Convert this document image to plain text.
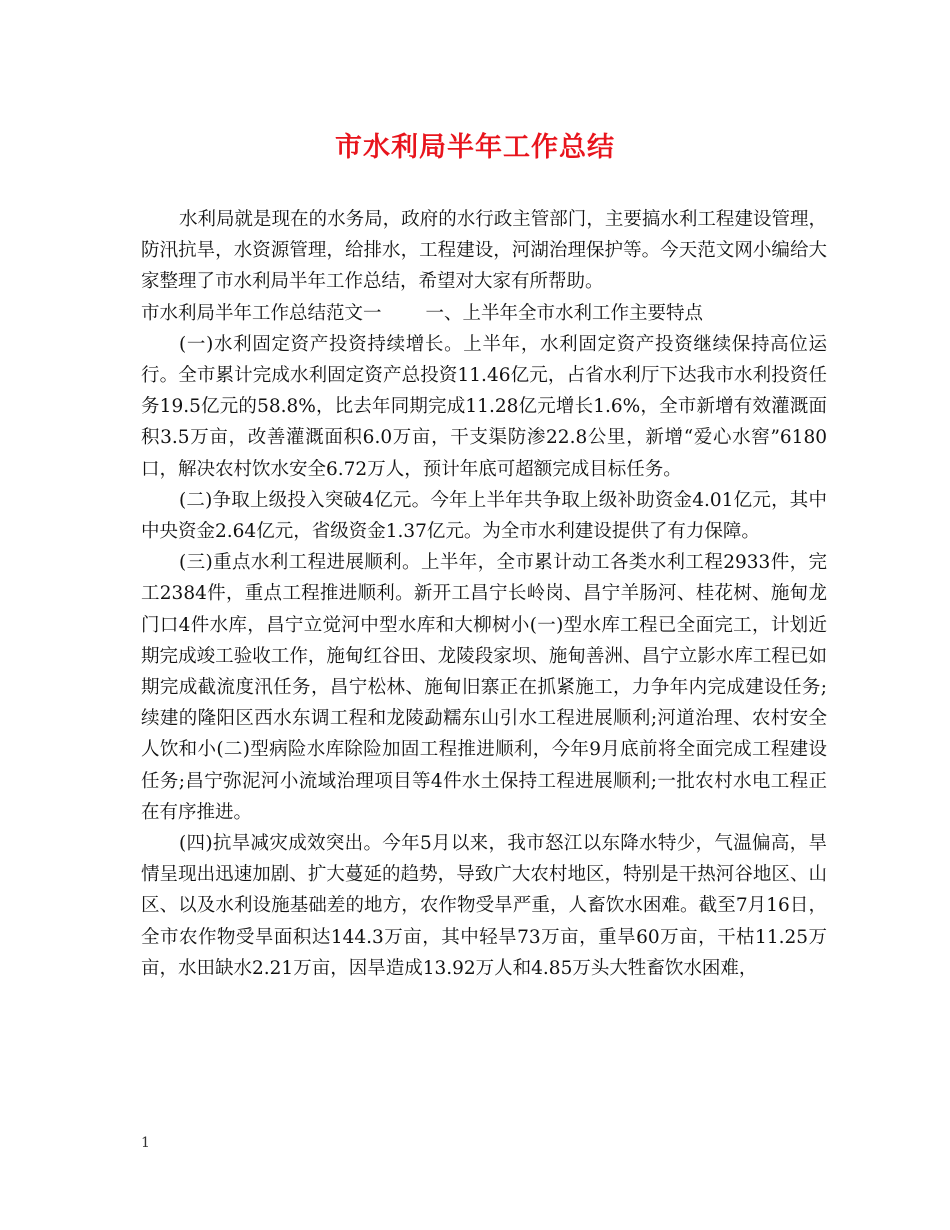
市水利局半年工作总结

水利局就是现在的水务局，政府的水行政主管部门，主要搞水利工程建设管理，防汛抗旱，水资源管理，给排水，工程建设，河湖治理保护等。今天范文网小编给大家整理了市水利局半年工作总结，希望对大家有所帮助。

市水利局半年工作总结范文一 一、上半年全市水利工作主要特点

(一)水利固定资产投资持续增长。上半年，水利固定资产投资继续保持高位运行。全市累计完成水利固定资产总投资11.46亿元，占省水利厅下达我市水利投资任务19.5亿元的58.8%，比去年同期完成11.28亿元增长1.6%，全市新增有效灌溉面积3.5万亩，改善灌溉面积6.0万亩，干支渠防渗22.8公里，新增“爱心水窖”6180口，解决农村饮水安全6.72万人，预计年底可超额完成目标任务。

(二)争取上级投入突破4亿元。今年上半年共争取上级补助资金4.01亿元，其中中央资金2.64亿元，省级资金1.37亿元。为全市水利建设提供了有力保障。

(三)重点水利工程进展顺利。上半年，全市累计动工各类水利工程2933件，完工2384件，重点工程推进顺利。新开工昌宁长岭岗、昌宁羊肠河、桂花树、施甸龙门口4件水库，昌宁立觉河中型水库和大柳树小(一)型水库工程已全面完工，计划近期完成竣工验收工作，施甸红谷田、龙陵段家坝、施甸善洲、昌宁立影水库工程已如期完成截流度汛任务，昌宁松林、施甸旧寨正在抓紧施工，力争年内完成建设任务;续建的隆阳区西水东调工程和龙陵勐糯东山引水工程进展顺利;河道治理、农村安全人饮和小(二)型病险水库除险加固工程推进顺利，今年9月底前将全面完成工程建设任务;昌宁弥泥河小流域治理项目等4件水土保持工程进展顺利;一批农村水电工程正在有序推进。

(四)抗旱减灾成效突出。今年5月以来，我市怒江以东降水特少，气温偏高，旱情呈现出迅速加剧、扩大蔓延的趋势，导致广大农村地区，特别是干热河谷地区、山区、以及水利设施基础差的地方，农作物受旱严重，人畜饮水困难。截至7月16日，全市农作物受旱面积达144.3万亩，其中轻旱73万亩，重旱60万亩，干枯11.25万亩，水田缺水2.21万亩，因旱造成13.92万人和4.85万头大牲畜饮水困难，

1
